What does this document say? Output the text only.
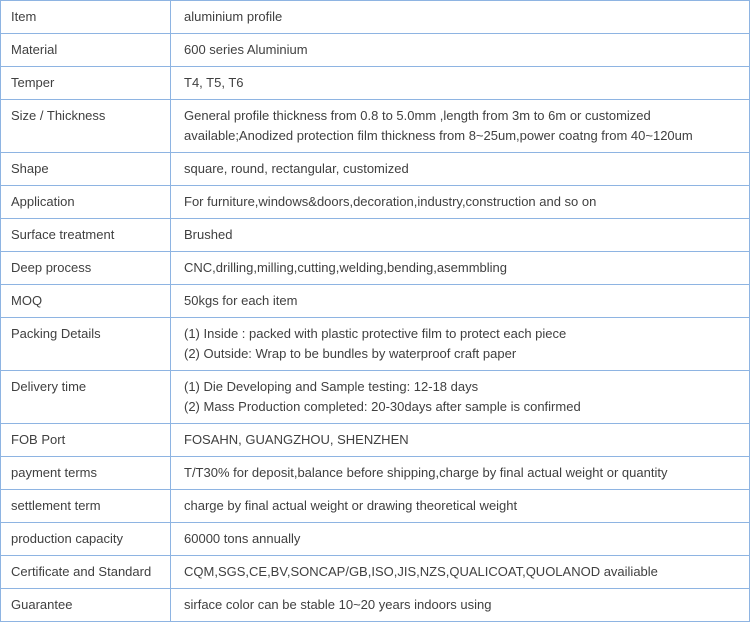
Item	aluminium profile
Material	600 series Aluminium
Temper	T4, T5, T6
Size / Thickness	General profile thickness from 0.8 to 5.0mm ,length from 3m to 6m or customized
available;Anodized protection film thickness from 8~25um,power coatng from 40~120um
Shape	square, round, rectangular, customized
Application	For furniture,windows&doors,decoration,industry,construction and so on
Surface treatment	Brushed
Deep process	CNC,drilling,milling,cutting,welding,bending,asemmbling
MOQ	50kgs for each item
Packing Details	(1) Inside : packed with plastic protective film to protect each piece
(2) Outside: Wrap to be bundles by waterproof craft paper
Delivery time	(1) Die Developing and Sample testing: 12-18 days
(2) Mass Production completed: 20-30days after sample is confirmed
FOB Port	FOSAHN, GUANGZHOU, SHENZHEN
payment terms	T/T30% for deposit,balance before shipping,charge by final actual weight or quantity
settlement term	charge by final actual weight or drawing theoretical weight
production capacity	60000 tons annually
Certificate and Standard	CQM,SGS,CE,BV,SONCAP/GB,ISO,JIS,NZS,QUALICOAT,QUOLANOD availiable
Guarantee	sirface color can be stable 10~20 years indoors using
